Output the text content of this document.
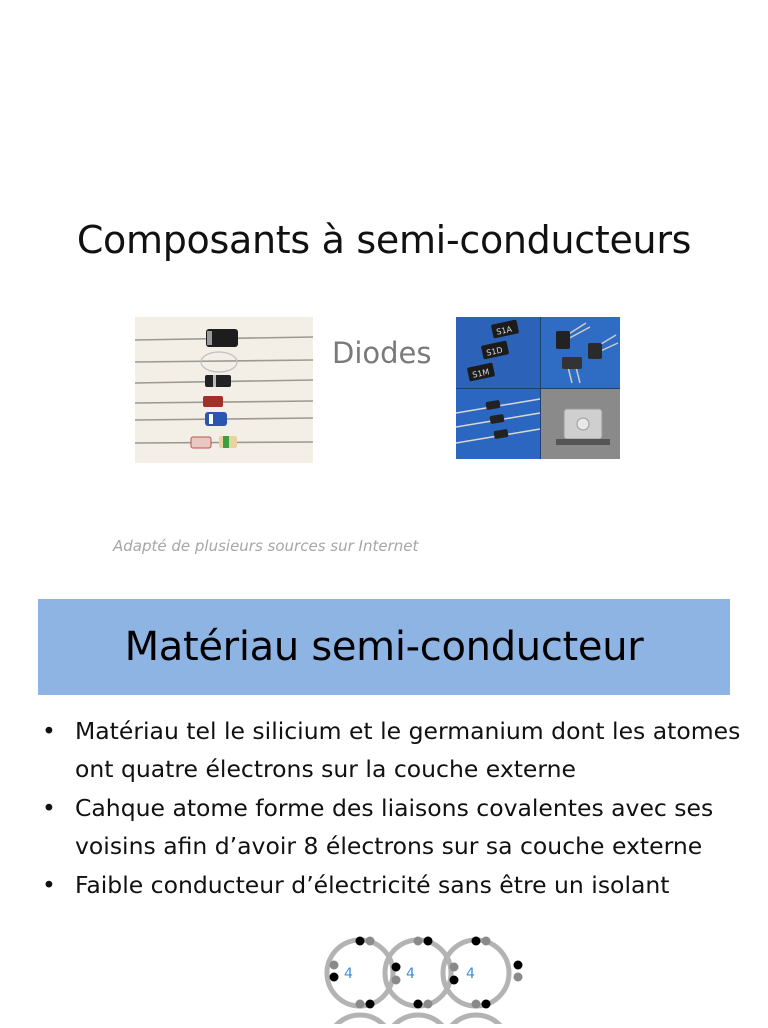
Composants à semi-conducteurs
Diodes
S1A
S1D
S1M
Adapté de plusieurs sources sur Internet
Matériau semi-conducteur
• Matériau tel le silicium et le germanium dont les atomes ont quatre électrons sur la couche externe
• Cahque atome forme des liaisons covalentes avec ses voisins afin d’avoir 8 électrons sur sa couche externe
• Faible conducteur d’électricité sans être un isolant
4	4	4
